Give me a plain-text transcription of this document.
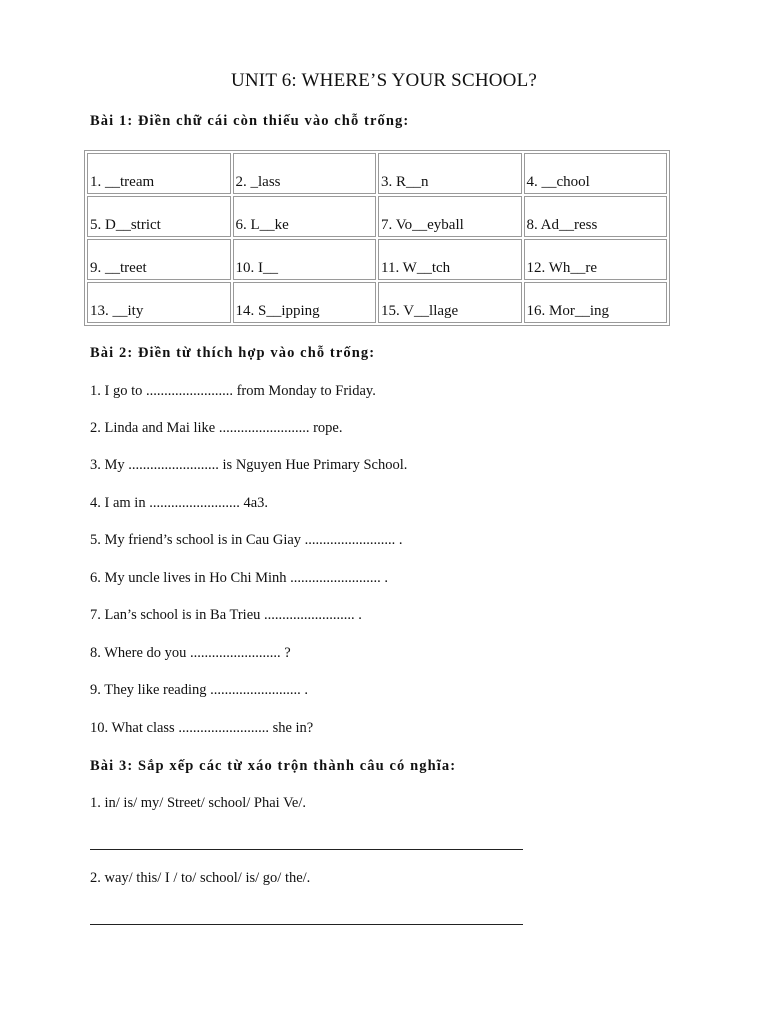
UNIT 6: WHERE’S YOUR SCHOOL?
Bài 1: Điền chữ cái còn thiếu vào chỗ trống:
1. __tream	2. _lass	3. R__n	4. __chool
5. D__strict	6. L__ke	7. Vo__eyball	8. Ad__ress
9. __treet	10. I__	11. W__tch	12. Wh__re
13. __ity	14. S__ipping	15. V__llage	16. Mor__ing
Bài 2: Điền từ thích hợp vào chỗ trống:
1. I go to ........................ from Monday to Friday.
2. Linda and Mai like ......................... rope.
3. My ......................... is Nguyen Hue Primary School.
4. I am in ......................... 4a3.
5. My friend’s school is in Cau Giay ......................... .
6. My uncle lives in Ho Chi Minh ......................... .
7. Lan’s school is in Ba Trieu ......................... .
8. Where do you ......................... ?
9. They like reading ......................... .
10. What class ......................... she in?
Bài 3: Sắp xếp các từ xáo trộn thành câu có nghĩa:
1. in/ is/ my/ Street/ school/ Phai Ve/.
2. way/ this/ I / to/ school/ is/ go/ the/.
